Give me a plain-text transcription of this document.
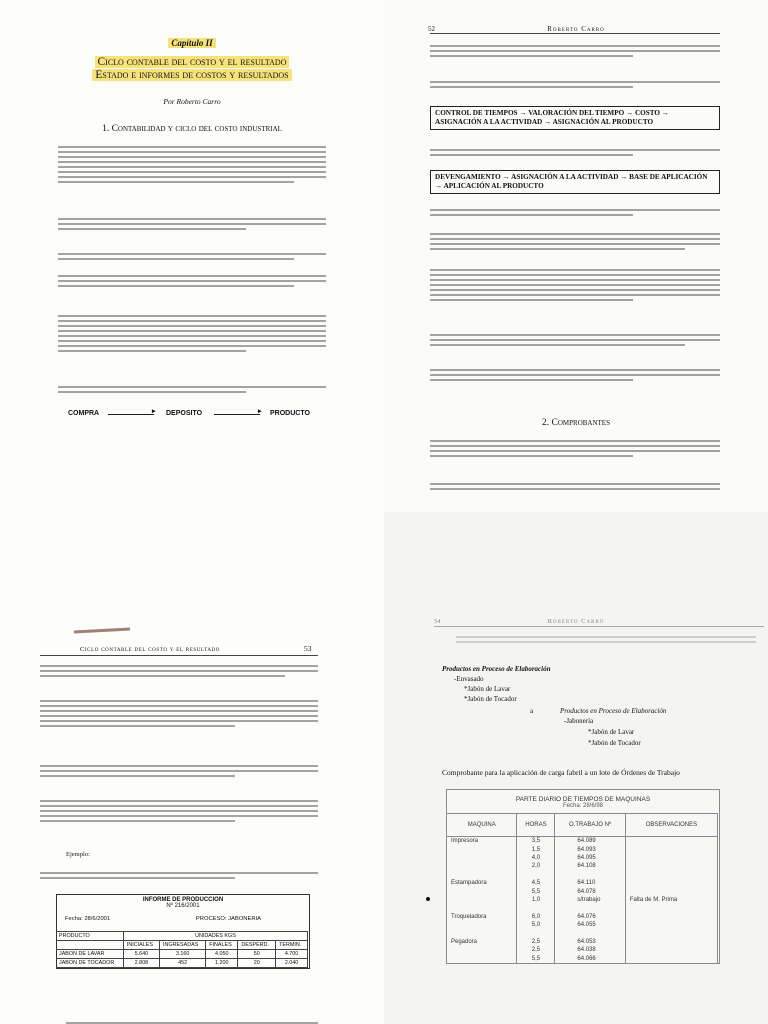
Capítulo II
Ciclo contable del costo y el resultado
Estado e informes de costos y resultados
Por Roberto Carro
1. Contabilidad y ciclo del costo industrial
COMPRA	▸ DEPOSITO	▸ PRODUCTO
52	Roberto Carro
CONTROL DE TIEMPOS → VALORACIÓN DEL TIEMPO → COSTO → ASIGNACIÓN A LA ACTIVIDAD → ASIGNACIÓN AL PRODUCTO
DEVENGAMIENTO → ASIGNACIÓN A LA ACTIVIDAD → BASE DE APLICACIÓN → APLICACIÓN AL PRODUCTO
2. Comprobantes
Ciclo contable del costo y el resultado	53
Ejemplo:
INFORME DE PRODUCCION
Nº 216/2001
Fecha: 28/6/2001	PROCESO: JABONERIA
PRODUCTO	UNIDADES KGS				
	INICIALES	INGRESADAS	FINALES	DESPERD.	TERMIN.
JABON DE LAVAR	5.640	3.160	4.050	50	4.700
JABON DE TOCADOR	2.808	452	1.200	20	2.040
54	Roberto Carro
Productos en Proceso de Elaboración
-Envasado
*Jabón de Lavar
*Jabón de Tocador
a	Productos en Proceso de Elaboración
-Jabonería
*Jabón de Lavar
*Jabón de Tocador
Comprobante para la aplicación de carga fabril a un lote de Órdenes de Trabajo
PARTE DIARIO DE TIEMPOS DE MAQUINAS
Fecha: 28/6/98
MAQUINA	HORAS	O.TRABAJO Nº	OBSERVACIONES
Impresora	3,5	64.089	
	1,5	64.093	
	4,0	64.095	
	2,0	64.108	

Estampadora	4,5	64.110	
	5,5	64.078	
	1,0	s/trabajo	Falta de M. Prima

Troqueladora	6,0	64.076	
	5,0	64.055	

Pegadora	2,5	64.053	
	2,5	64.038	
	5,5	64.066	
